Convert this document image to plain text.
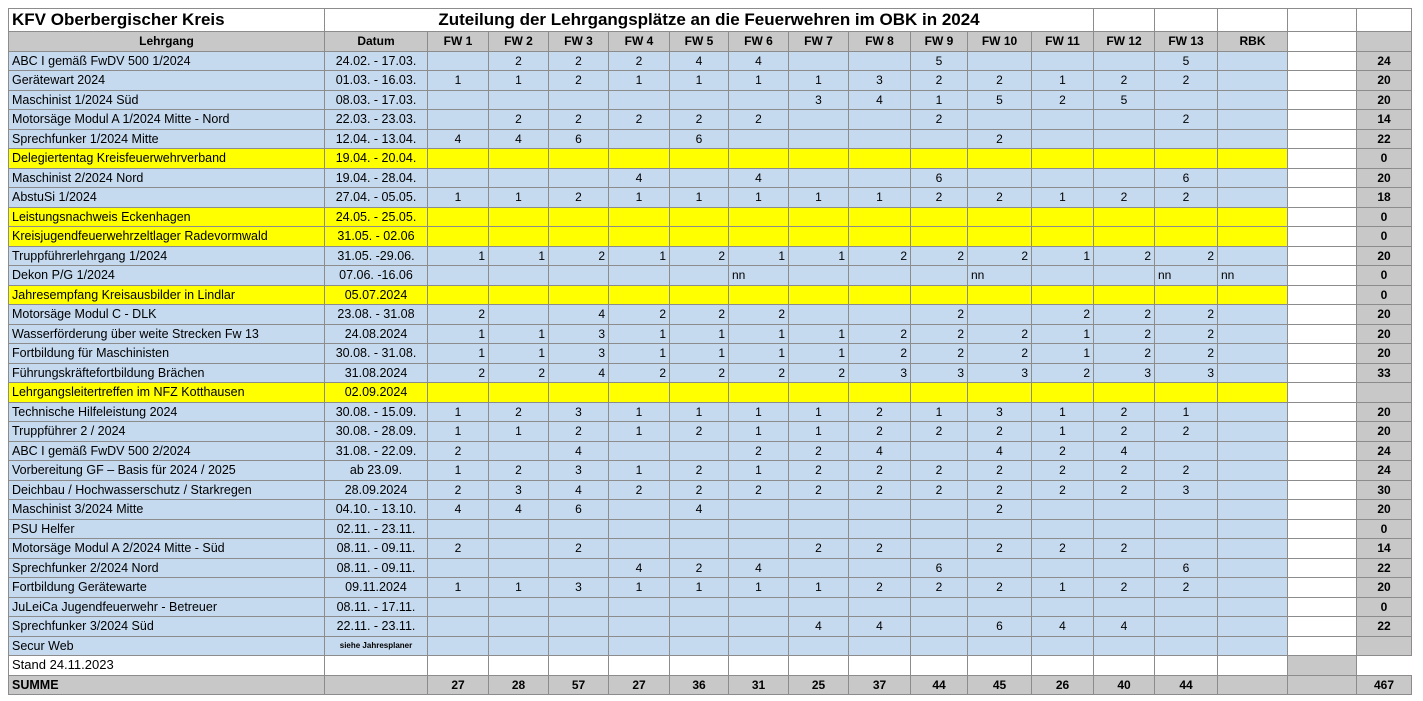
KFV Oberbergischer Kreis	Zuteilung der Lehrgangsplätze an die Feuerwehren im OBK in 2024																
Lehrgang	Datum	FW 1	FW 2	FW 3	FW 4	FW 5	FW 6	FW 7	FW 8	FW 9	FW 10	FW 11	FW 12	FW 13	RBK		
ABC I gemäß FwDV 500 1/2024	24.02. - 17.03.		2	2	2	4	4			5				5			24
Gerätewart 2024	01.03. - 16.03.	1	1	2	1	1	1	1	3	2	2	1	2	2			20
Maschinist 1/2024 Süd	08.03. - 17.03.							3	4	1	5	2	5				20
Motorsäge Modul A 1/2024 Mitte - Nord	22.03. - 23.03.		2	2	2	2	2			2				2			14
Sprechfunker 1/2024 Mitte	12.04. - 13.04.	4	4	6		6					2						22
Delegiertentag Kreisfeuerwehrverband	19.04. - 20.04.																0
Maschinist 2/2024 Nord	19.04. - 28.04.				4		4			6				6			20
AbstuSi 1/2024	27.04. - 05.05.	1	1	2	1	1	1	1	1	2	2	1	2	2			18
Leistungsnachweis Eckenhagen	24.05. - 25.05.																0
Kreisjugendfeuerwehrzeltlager Radevormwald	31.05. - 02.06																0
Truppführerlehrgang 1/2024	31.05. -29.06.	1	1	2	1	2	1	1	2	2	2	1	2	2			20
Dekon P/G 1/2024	07.06. -16.06						nn				nn			nn	nn		0
Jahresempfang Kreisausbilder in Lindlar	05.07.2024																0
Motorsäge Modul C - DLK	23.08. - 31.08	2		4	2	2	2			2		2	2	2			20
Wasserförderung über weite Strecken Fw 13	24.08.2024	1	1	3	1	1	1	1	2	2	2	1	2	2			20
Fortbildung für Maschinisten	30.08. - 31.08.	1	1	3	1	1	1	1	2	2	2	1	2	2			20
Führungskräftefortbildung Brächen	31.08.2024	2	2	4	2	2	2	2	3	3	3	2	3	3			33
Lehrgangsleitertreffen im NFZ Kotthausen	02.09.2024																
Technische Hilfeleistung 2024	30.08. - 15.09.	1	2	3	1	1	1	1	2	1	3	1	2	1			20
Truppführer 2 / 2024	30.08. - 28.09.	1	1	2	1	2	1	1	2	2	2	1	2	2			20
ABC I gemäß FwDV 500 2/2024	31.08. - 22.09.	2		4			2	2	4		4	2	4				24
Vorbereitung GF – Basis für 2024 / 2025	ab 23.09.	1	2	3	1	2	1	2	2	2	2	2	2	2			24
Deichbau / Hochwasserschutz / Starkregen	28.09.2024	2	3	4	2	2	2	2	2	2	2	2	2	3			30
Maschinist 3/2024 Mitte	04.10. - 13.10.	4	4	6		4					2						20
PSU Helfer	02.11. - 23.11.																0
Motorsäge Modul A 2/2024 Mitte - Süd	08.11. - 09.11.	2		2				2	2		2	2	2				14
Sprechfunker 2/2024 Nord	08.11. - 09.11.				4	2	4			6				6			22
Fortbildung Gerätewarte	09.11.2024	1	1	3	1	1	1	1	2	2	2	1	2	2			20
JuLeiCa Jugendfeuerwehr - Betreuer	08.11. - 17.11.																0
Sprechfunker 3/2024 Süd	22.11. - 23.11.							4	4		6	4	4				22
Secur Web	siehe Jahresplaner																
Stand 24.11.2023																	
SUMME		27	28	57	27	36	31	25	37	44	45	26	40	44			467
